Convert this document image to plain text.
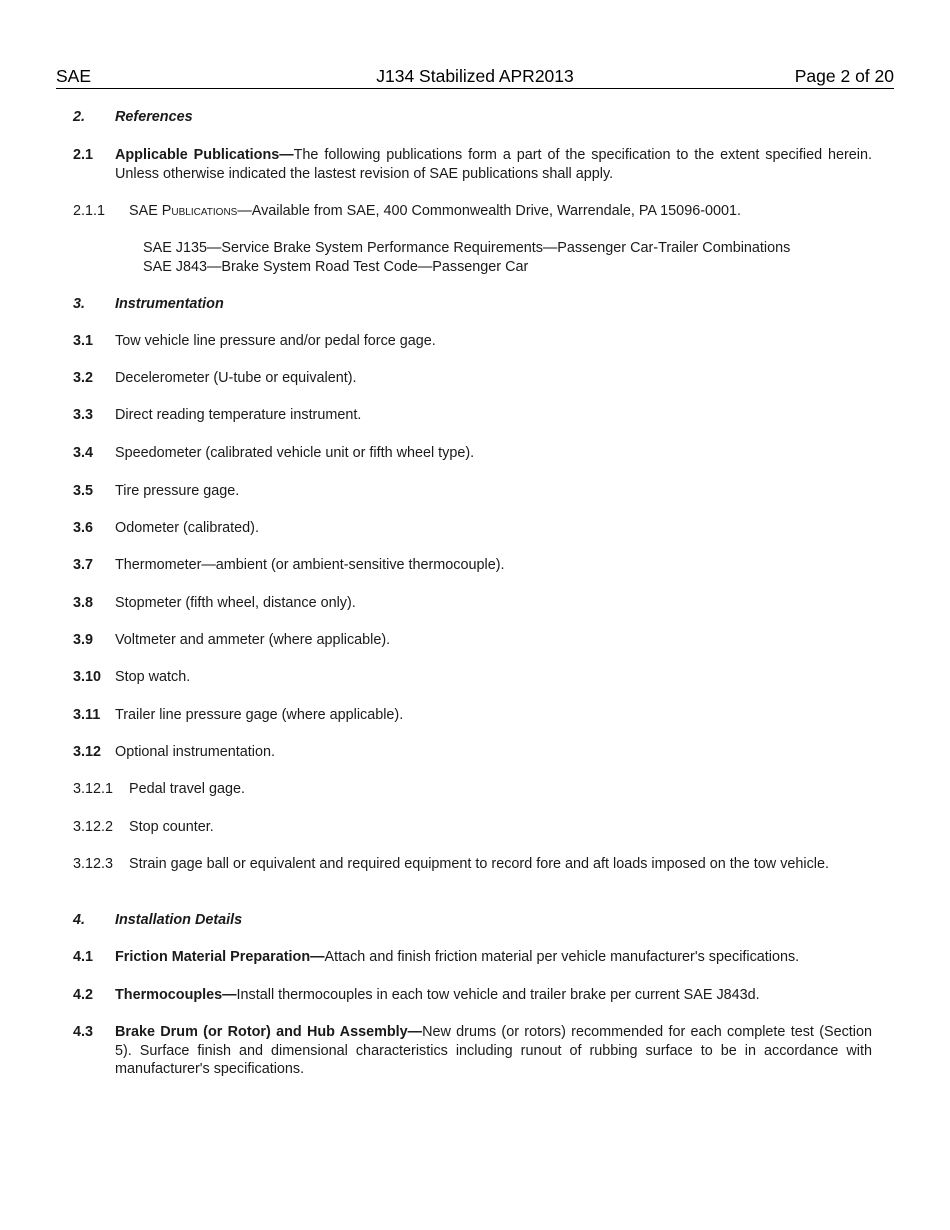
SAE	J134 Stabilized APR2013	Page 2 of 20
2. References
2.1 Applicable Publications—The following publications form a part of the specification to the extent specified herein. Unless otherwise indicated the lastest revision of SAE publications shall apply.
2.1.1 SAE Publications—Available from SAE, 400 Commonwealth Drive, Warrendale, PA 15096-0001.
SAE J135—Service Brake System Performance Requirements—Passenger Car-Trailer Combinations
SAE J843—Brake System Road Test Code—Passenger Car
3. Instrumentation
3.1 Tow vehicle line pressure and/or pedal force gage.
3.2 Decelerometer (U-tube or equivalent).
3.3 Direct reading temperature instrument.
3.4 Speedometer (calibrated vehicle unit or fifth wheel type).
3.5 Tire pressure gage.
3.6 Odometer (calibrated).
3.7 Thermometer—ambient (or ambient-sensitive thermocouple).
3.8 Stopmeter (fifth wheel, distance only).
3.9 Voltmeter and ammeter (where applicable).
3.10 Stop watch.
3.11 Trailer line pressure gage (where applicable).
3.12 Optional instrumentation.
3.12.1 Pedal travel gage.
3.12.2 Stop counter.
3.12.3 Strain gage ball or equivalent and required equipment to record fore and aft loads imposed on the tow vehicle.
4. Installation Details
4.1 Friction Material Preparation—Attach and finish friction material per vehicle manufacturer's specifications.
4.2 Thermocouples—Install thermocouples in each tow vehicle and trailer brake per current SAE J843d.
4.3 Brake Drum (or Rotor) and Hub Assembly—New drums (or rotors) recommended for each complete test (Section 5). Surface finish and dimensional characteristics including runout of rubbing surface to be in accordance with manufacturer's specifications.
